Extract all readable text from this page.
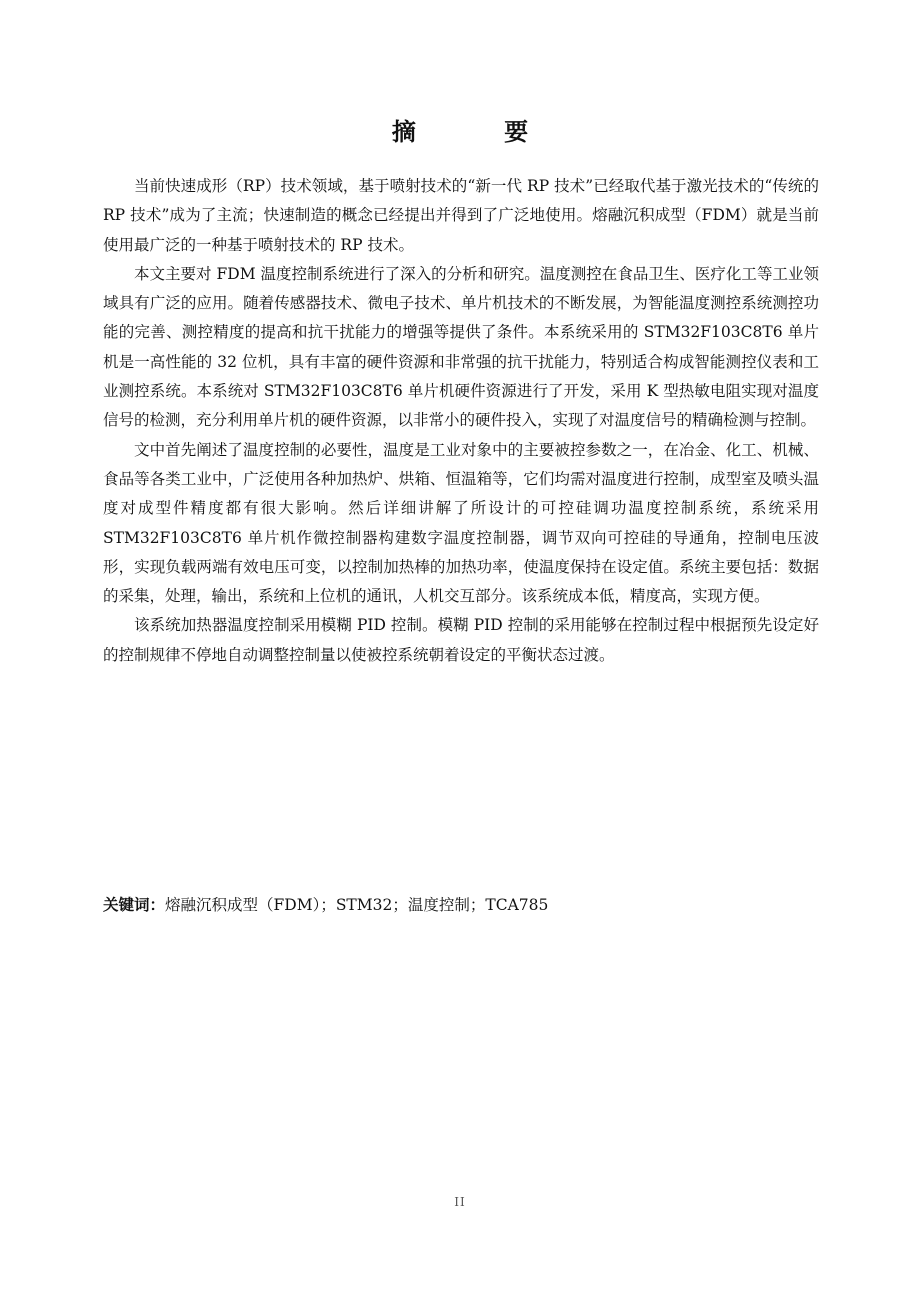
摘 要

当前快速成形（RP）技术领域，基于喷射技术的“新一代 RP 技术”已经取代基于激光技术的“传统的 RP 技术”成为了主流；快速制造的概念已经提出并得到了广泛地使用。熔融沉积成型（FDM）就是当前使用最广泛的一种基于喷射技术的 RP 技术。

本文主要对 FDM 温度控制系统进行了深入的分析和研究。温度测控在食品卫生、医疗化工等工业领域具有广泛的应用。随着传感器技术、微电子技术、单片机技术的不断发展，为智能温度测控系统测控功能的完善、测控精度的提高和抗干扰能力的增强等提供了条件。本系统采用的 STM32F103C8T6 单片机是一高性能的 32 位机，具有丰富的硬件资源和非常强的抗干扰能力，特别适合构成智能测控仪表和工业测控系统。本系统对 STM32F103C8T6 单片机硬件资源进行了开发，采用 K 型热敏电阻实现对温度信号的检测，充分利用单片机的硬件资源，以非常小的硬件投入，实现了对温度信号的精确检测与控制。

文中首先阐述了温度控制的必要性，温度是工业对象中的主要被控参数之一，在冶金、化工、机械、食品等各类工业中，广泛使用各种加热炉、烘箱、恒温箱等，它们均需对温度进行控制，成型室及喷头温度对成型件精度都有很大影响。然后详细讲解了所设计的可控硅调功温度控制系统，系统采用 STM32F103C8T6 单片机作微控制器构建数字温度控制器，调节双向可控硅的导通角，控制电压波形，实现负载两端有效电压可变，以控制加热棒的加热功率，使温度保持在设定值。系统主要包括：数据的采集，处理，输出，系统和上位机的通讯，人机交互部分。该系统成本低，精度高，实现方便。

该系统加热器温度控制采用模糊 PID 控制。模糊 PID 控制的采用能够在控制过程中根据预先设定好的控制规律不停地自动调整控制量以使被控系统朝着设定的平衡状态过渡。

关键词：熔融沉积成型（FDM）；STM32；温度控制；TCA785
II
